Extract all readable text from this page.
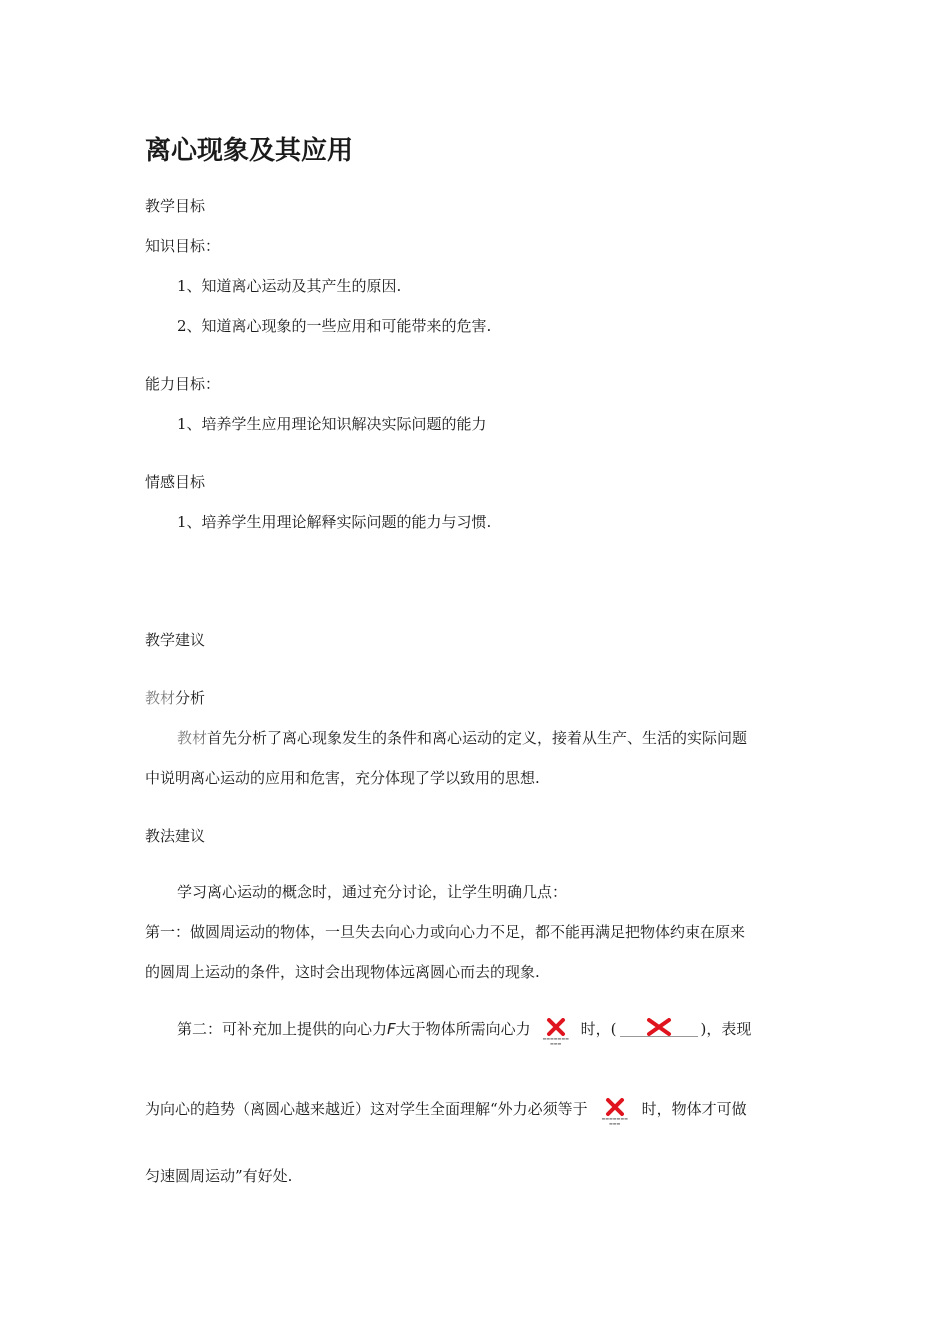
离心现象及其应用
教学目标
知识目标：
1、知道离心运动及其产生的原因.
2、知道离心现象的一些应用和可能带来的危害.
能力目标：
1、培养学生应用理论知识解决实际问题的能力
情感目标
1、培养学生用理论解释实际问题的能力与习惯.
教学建议
教材分析
教材首先分析了离心现象发生的条件和离心运动的定义，接着从生产、生活的实际问题
中说明离心运动的应用和危害，充分体现了学以致用的思想.
教法建议
学习离心运动的概念时，通过充分讨论，让学生明确几点：
第一：做圆周运动的物体，一旦失去向心力或向心力不足，都不能再满足把物体约束在原来
的圆周上运动的条件，这时会出现物体远离圆心而去的现象.
第二：可补充加上提供的向心力F大于物体所需向心力
▬▬▬▬▬▬▬
▬▬▬
时，(	)，表现
为向心的趋势（离圆心越来越近）这对学生全面理解“外力必须等于
▬▬▬▬▬▬▬
▬▬▬
时，物体才可做
匀速圆周运动”有好处.
